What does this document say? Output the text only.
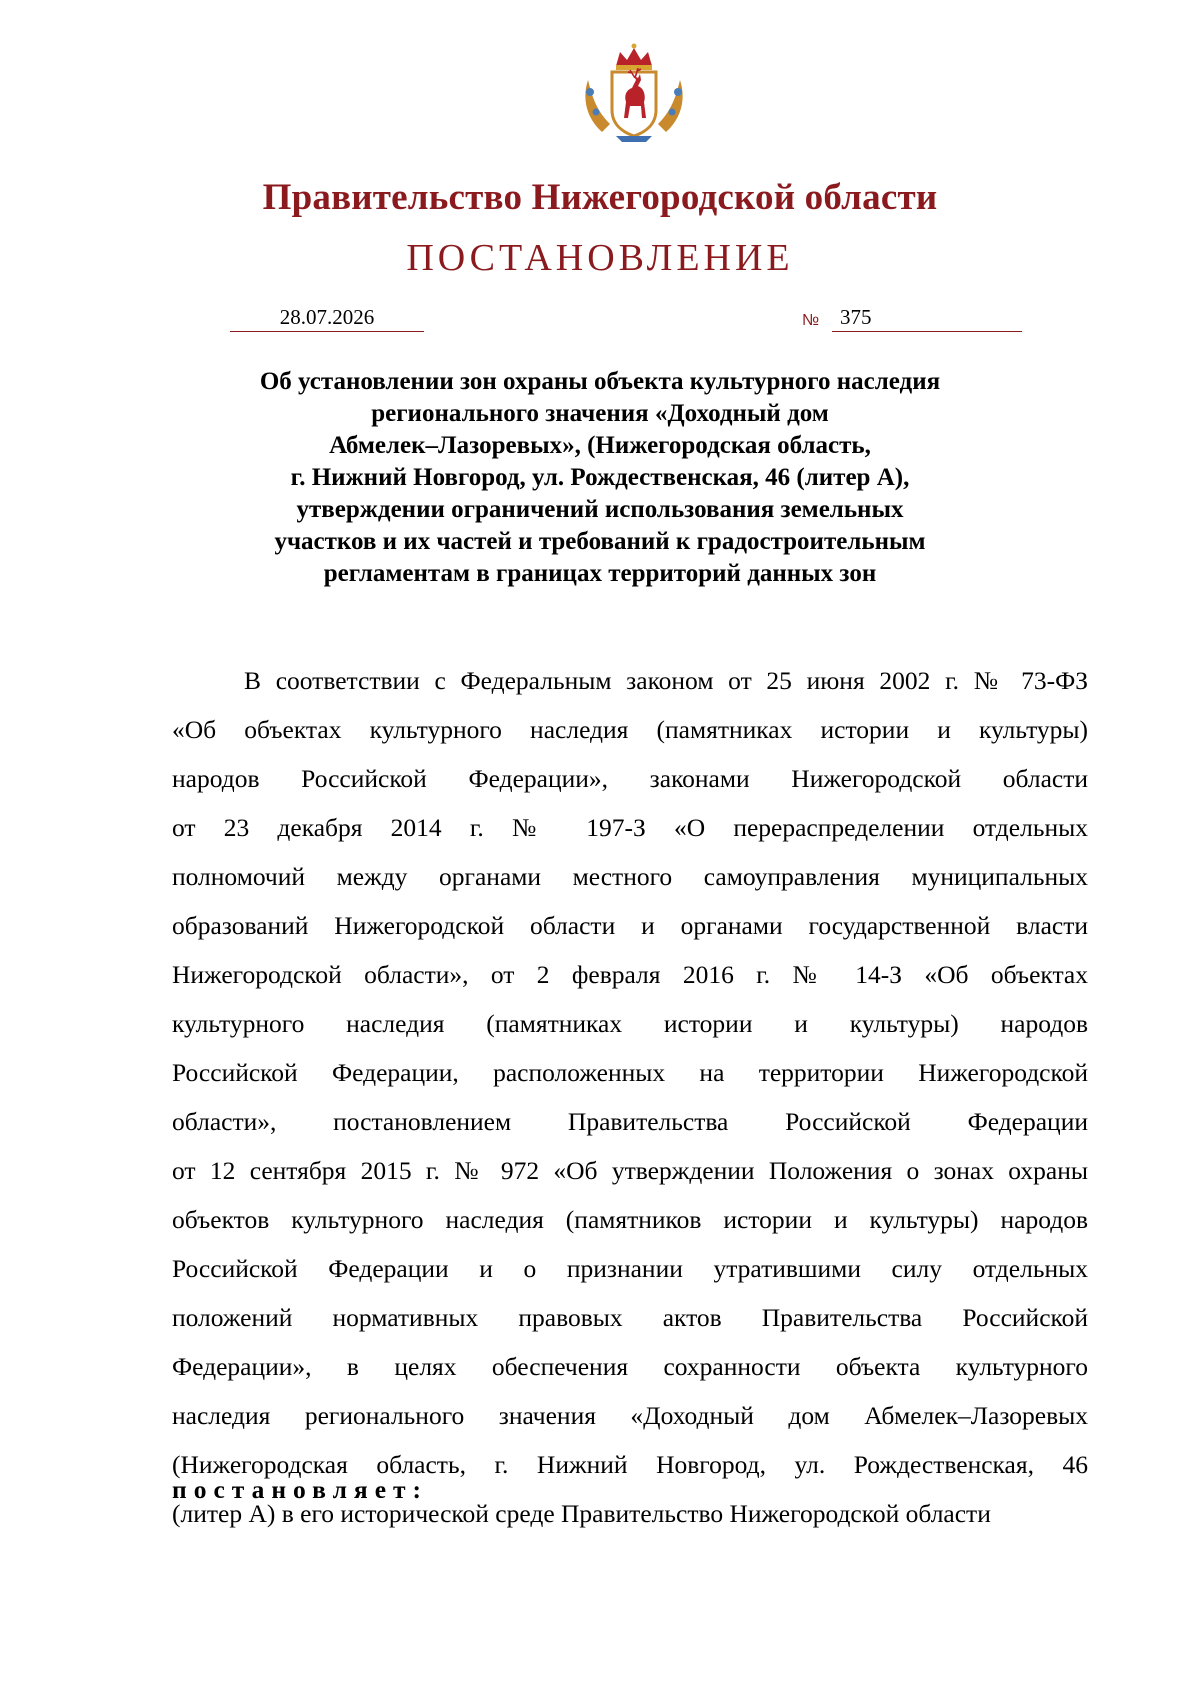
Правительство Нижегородской области
ПОСТАНОВЛЕНИЕ
28.07.2026	№ 375
Об установлении зон охраны объекта культурного наследия
регионального значения «Доходный дом
Абмелек–Лазоревых», (Нижегородская область,
г. Нижний Новгород, ул. Рождественская, 46 (литер А),
утверждении ограничений использования земельных
участков и их частей и требований к градостроительным
регламентам в границах территорий данных зон
В соответствии с Федеральным законом от 25 июня 2002 г. № 73-ФЗ
«Об объектах культурного наследия (памятниках истории и культуры)
народов Российской Федерации», законами Нижегородской области
от 23 декабря 2014 г. № 197-З «О перераспределении отдельных
полномочий между органами местного самоуправления муниципальных
образований Нижегородской области и органами государственной власти
Нижегородской области», от 2 февраля 2016 г. № 14-З «Об объектах
культурного наследия (памятниках истории и культуры) народов
Российской Федерации, расположенных на территории Нижегородской
области», постановлением Правительства Российской Федерации
от 12 сентября 2015 г. № 972 «Об утверждении Положения о зонах охраны
объектов культурного наследия (памятников истории и культуры) народов
Российской Федерации и о признании утратившими силу отдельных
положений нормативных правовых актов Правительства Российской
Федерации», в целях обеспечения сохранности объекта культурного
наследия регионального значения «Доходный дом Абмелек–Лазоревых
(Нижегородская область, г. Нижний Новгород, ул. Рождественская, 46
(литер А) в его исторической среде Правительство Нижегородской области
постановляет:
